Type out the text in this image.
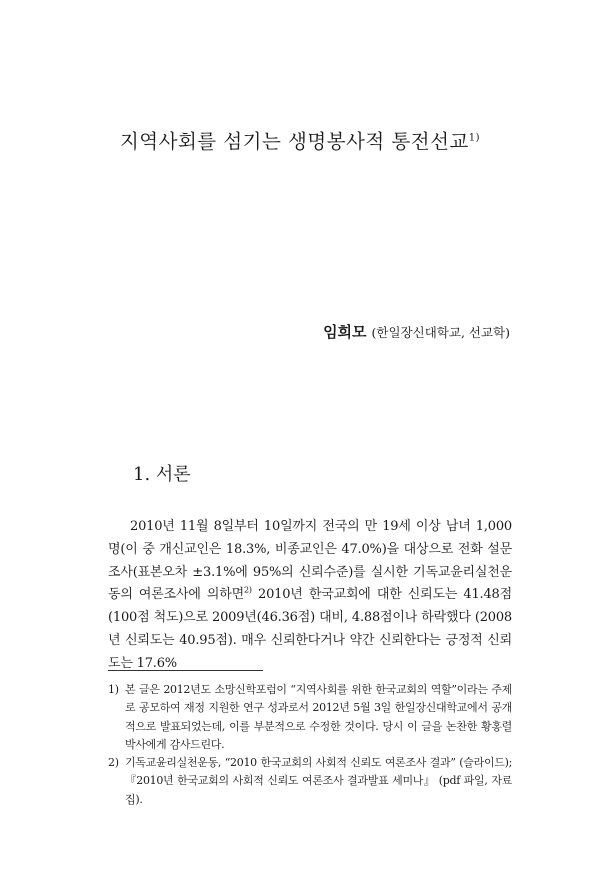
지역사회를 섬기는 생명봉사적 통전선교$^{1)}$
임희모 (한일장신대학교, 선교학)
1. 서론

2010년 11월 8일부터 10일까지 전국의 만 19세 이상 남녀 1,000명(이 중 개신교인은 18.3%, 비종교인은 47.0%)을 대상으로 전화 설문조사(표본오차 ±3.1%에 95%의 신뢰수준)를 실시한 기독교윤리실천운동의 여론조사에 의하면$^{2)}$ 2010년 한국교회에 대한 신뢰도는 41.48점(100점 척도)으로 2009년(46.36점) 대비, 4.88점이나 하락했다 (2008년 신뢰도는 40.95점). 매우 신뢰한다거나 약간 신뢰한다는 긍정적 신뢰도는 17.6%

1) 본 글은 2012년도 소망신학포럼이 “지역사회를 위한 한국교회의 역할”이라는 주제로 공모하여 재정 지원한 연구 성과로서 2012년 5월 3일 한일장신대학교에서 공개적으로 발표되었는데, 이를 부분적으로 수정한 것이다. 당시 이 글을 논찬한 황홍렬 박사에게 감사드린다.
2) 기독교윤리실천운동, “2010 한국교회의 사회적 신뢰도 여론조사 결과” (슬라이드); 『2010년 한국교회의 사회적 신뢰도 여론조사 결과발표 세미나』 (pdf 파일, 자료집).
